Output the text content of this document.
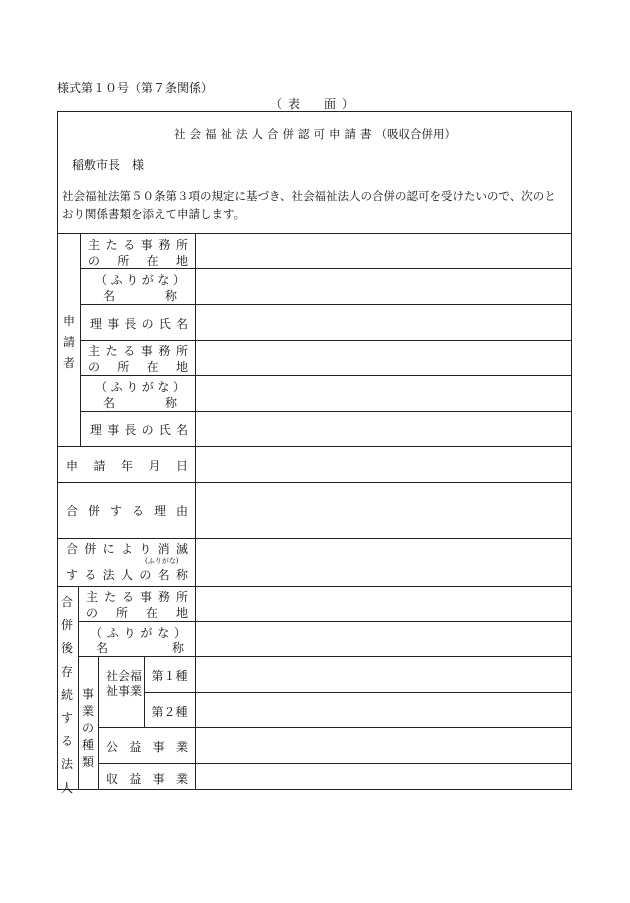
様式第１０号（第７条関係）
（表　面）
社会福祉法人合併認可申請書（吸収合併用）
稲敷市長　様
社会福祉法第５０条第３項の規定に基づき、社会福祉法人の合併の認可を受けたいので、次のとおり関係書類を添えて申請します。
申請者
主たる事務所
の所在地
（ふりがな）
名称
理事長の氏名
主たる事務所
の所在地
（ふりがな）
名称
理事長の氏名
申請年月日
合併する理由
合併により消滅
(ふりがな)
する法人の名称
合併後存続する法人
主たる事務所
の所在地
（ふりがな）
名称
事業の種類
社会福祉事業
第１種
第２種
公益事業
収益事業
